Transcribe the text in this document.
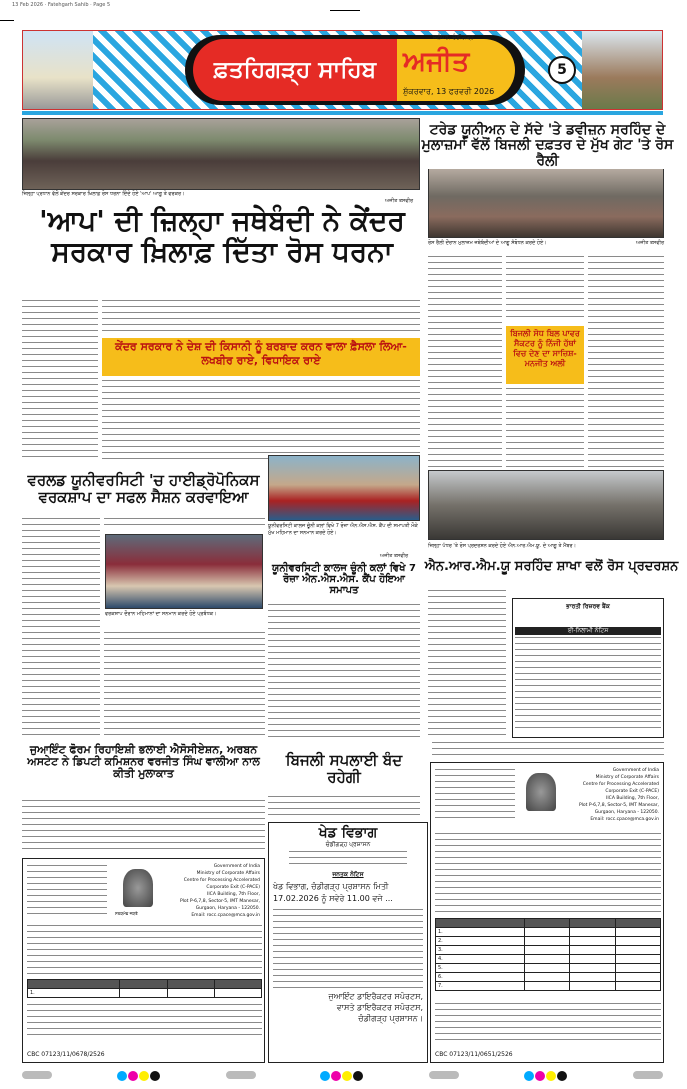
13 Feb 2026 · Fatehgarh Sahib · Page 5
ਫ਼ਤਹਿਗੜ੍ਹ ਸਾਹਿਬ
ਜਲੰਧਰ, ਚੰਡੀਗੜ੍ਹ
ਅਜੀਤ
ਸ਼ੁੱਕਰਵਾਰ, 13 ਫਰਵਰੀ 2026
5
ਜ਼ਿਲ੍ਹਾ ਪ੍ਰਧਾਨ ਵੱਲੋਂ ਕੇਂਦਰ ਸਰਕਾਰ ਖ਼ਿਲਾਫ਼ ਰੋਸ ਧਰਨਾ ਦਿੰਦੇ ਹੋਏ 'ਆਪ' ਆਗੂ ਤੇ ਵਰਕਰ।
ਅਜੀਤ ਤਸਵੀਰ
'ਆਪ' ਦੀ ਜ਼ਿਲ੍ਹਾ ਜਥੇਬੰਦੀ ਨੇ ਕੇਂਦਰ ਸਰਕਾਰ ਖ਼ਿਲਾਫ਼ ਦਿੱਤਾ ਰੋਸ ਧਰਨਾ
ਕੇਂਦਰ ਸਰਕਾਰ ਨੇ ਦੇਸ਼ ਦੀ ਕਿਸਾਨੀ ਨੂੰ ਬਰਬਾਦ ਕਰਨ ਵਾਲਾ ਫ਼ੈਸਲਾ ਲਿਆ-ਲਖਬੀਰ ਰਾਏ, ਵਿਧਾਇਕ ਰਾਏ
ਟਰੇਡ ਯੂਨੀਅਨ ਦੇ ਸੱਦੇ 'ਤੇ ਡਵੀਜ਼ਨ ਸਰਹਿੰਦ ਦੇ ਮੁਲਾਜ਼ਮਾਂ ਵੱਲੋਂ ਬਿਜਲੀ ਦਫ਼ਤਰ ਦੇ ਮੁੱਖ ਗੇਟ 'ਤੇ ਰੋਸ ਰੈਲੀ
ਰੋਸ ਰੈਲੀ ਦੌਰਾਨ ਮੁਲਾਜ਼ਮ ਜਥੇਬੰਦੀਆਂ ਦੇ ਆਗੂ ਸੰਬੋਧਨ ਕਰਦੇ ਹੋਏ।	ਅਜੀਤ ਤਸਵੀਰ
ਬਿਜਲੀ ਸੋਧ ਬਿਲ ਪਾਵਰ ਸੈਕਟਰ ਨੂੰ ਨਿੱਜੀ ਹੱਥਾਂ ਵਿਚ ਦੇਣ ਦਾ ਸਾਜ਼ਿਸ਼-ਮਨਜੀਤ ਅਲੀ
ਵਰਲਡ ਯੂਨੀਵਰਸਿਟੀ 'ਚ ਹਾਈਡ੍ਰੋਪੋਨਿਕਸ ਵਰਕਸ਼ਾਪ ਦਾ ਸਫਲ ਸੈਸ਼ਨ ਕਰਵਾਇਆ
ਵਰਕਸ਼ਾਪ ਦੌਰਾਨ ਮਹਿਮਾਨਾਂ ਦਾ ਸਨਮਾਨ ਕਰਦੇ ਹੋਏ ਪ੍ਰਬੰਧਕ।
ਯੂਨੀਵਰਸਿਟੀ ਕਾਲਜ ਚੂੰਨੀ ਕਲਾਂ ਵਿਖੇ 7 ਰੋਜ਼ਾ ਐਨ.ਐਸ.ਐਸ. ਕੈਂਪ ਦੀ ਸਮਾਪਤੀ ਮੌਕੇ ਮੁੱਖ ਮਹਿਮਾਨ ਦਾ ਸਨਮਾਨ ਕਰਦੇ ਹੋਏ।
ਅਜੀਤ ਤਸਵੀਰ
ਯੂਨੀਵਰਸਿਟੀ ਕਾਲਜ ਚੂੰਨੀ ਕਲਾਂ ਵਿਖੇ 7 ਰੋਜ਼ਾ ਐਨ.ਐਸ.ਐਸ. ਕੈਂਪ ਹੋਇਆ ਸਮਾਪਤ
ਜ਼ਿਲ੍ਹਾ ਪੱਧਰ 'ਤੇ ਰੋਸ ਪ੍ਰਦਰਸ਼ਨ ਕਰਦੇ ਹੋਏ ਐਨ.ਆਰ.ਐਮ.ਯੂ. ਦੇ ਆਗੂ ਤੇ ਮੈਂਬਰ।
ਐਨ.ਆਰ.ਐਮ.ਯੂ ਸਰਹਿੰਦ ਸ਼ਾਖਾ ਵਲੋਂ ਰੋਸ ਪ੍ਰਦਰਸ਼ਨ
ਭਾਰਤੀ ਰਿਜ਼ਰਵ ਬੈਂਕ
ਈ-ਨਿਲਾਮੀ ਨੋਟਿਸ
ਜੁਆਇੰਟ ਫੋਰਮ ਰਿਹਾਇਸ਼ੀ ਭਲਾਈ ਐਸੋਸੀਏਸ਼ਨ, ਅਰਬਨ ਅਸਟੇਟ ਨੇ ਡਿਪਟੀ ਕਮਿਸ਼ਨਰ ਵਰਜੀਤ ਸਿੰਘ ਵਾਲੀਆ ਨਾਲ ਕੀਤੀ ਮੁਲਾਕਾਤ
ਬਿਜਲੀ ਸਪਲਾਈ ਬੰਦ ਰਹੇਗੀ
ਸਤਯਮੇਵ ਜਯਤੇ
Government of India
Ministry of Corporate Affairs
Centre for Processing Accelerated
Corporate Exit (C-PACE)
IICA Building, 7th Floor,
Plot P-6,7,8, Sector-5, IMT Manesar,
Gurgaon, Haryana - 122050.
Email: rocc.cpace@mca.gov.in

1.			
CBC 07123/11/0678/2526
ਖੇਡ ਵਿਭਾਗ
ਚੰਡੀਗੜ੍ਹ ਪ੍ਰਸ਼ਾਸਨ
ਜਨਤਕ ਨੋਟਿਸ
ਖੇਡ ਵਿਭਾਗ, ਚੰਡੀਗੜ੍ਹ ਪ੍ਰਸ਼ਾਸਨ ਮਿਤੀ 17.02.2026 ਨੂੰ ਸਵੇਰੇ 11.00 ਵਜੇ ...
ਜੁਆਇੰਟ ਡਾਇਰੈਕਟਰ ਸਪੋਰਟਸ,
ਵਾਸਤੇ ਡਾਇਰੈਕਟਰ ਸਪੋਰਟਸ,
ਚੰਡੀਗੜ੍ਹ ਪ੍ਰਸ਼ਾਸਨ।
Government of India
Ministry of Corporate Affairs
Centre for Processing Accelerated
Corporate Exit (C-PACE)
IICA Building, 7th Floor,
Plot P-6,7,8, Sector-5, IMT Manesar,
Gurgaon, Haryana - 122050.
Email: rocc.cpace@mca.gov.in

1.			
2.			
3.			
4.			
5.			
6.			
7.			
CBC 07123/11/0651/2526
